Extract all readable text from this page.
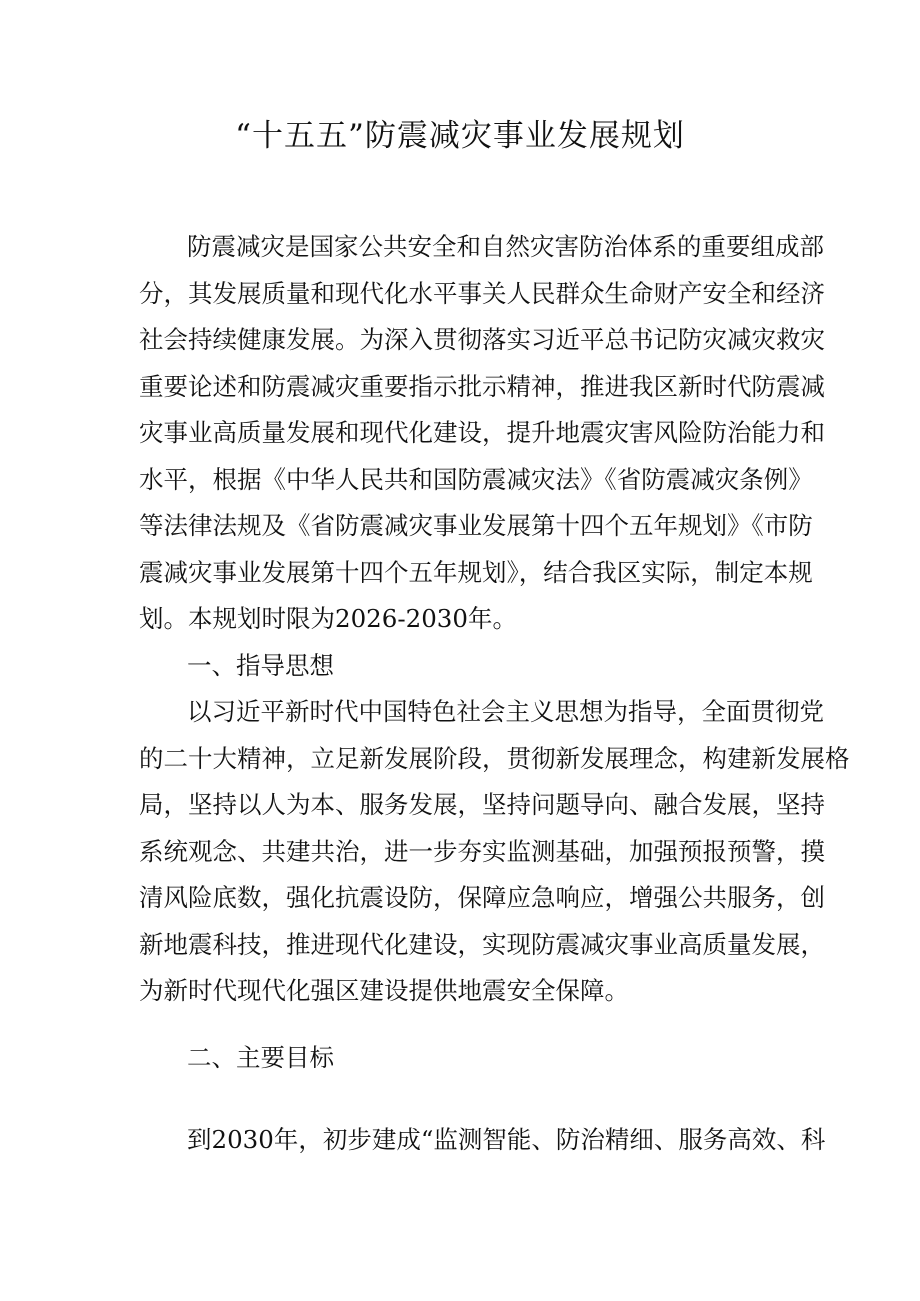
“十五五”防震减灾事业发展规划
防震减灾是国家公共安全和自然灾害防治体系的重要组成部
分，其发展质量和现代化水平事关人民群众生命财产安全和经济
社会持续健康发展。为深入贯彻落实习近平总书记防灾减灾救灾
重要论述和防震减灾重要指示批示精神，推进我区新时代防震减
灾事业高质量发展和现代化建设，提升地震灾害风险防治能力和
水平，根据《中华人民共和国防震减灾法》《省防震减灾条例》
等法律法规及《省防震减灾事业发展第十四个五年规划》《市防
震减灾事业发展第十四个五年规划》，结合我区实际，制定本规
划。本规划时限为2026-2030年。
一、指导思想
以习近平新时代中国特色社会主义思想为指导，全面贯彻党
的二十大精神，立足新发展阶段，贯彻新发展理念，构建新发展格
局，坚持以人为本、服务发展，坚持问题导向、融合发展，坚持
系统观念、共建共治，进一步夯实监测基础，加强预报预警，摸
清风险底数，强化抗震设防，保障应急响应，增强公共服务，创
新地震科技，推进现代化建设，实现防震减灾事业高质量发展，
为新时代现代化强区建设提供地震安全保障。
二、主要目标
到2030年，初步建成“监测智能、防治精细、服务高效、科
